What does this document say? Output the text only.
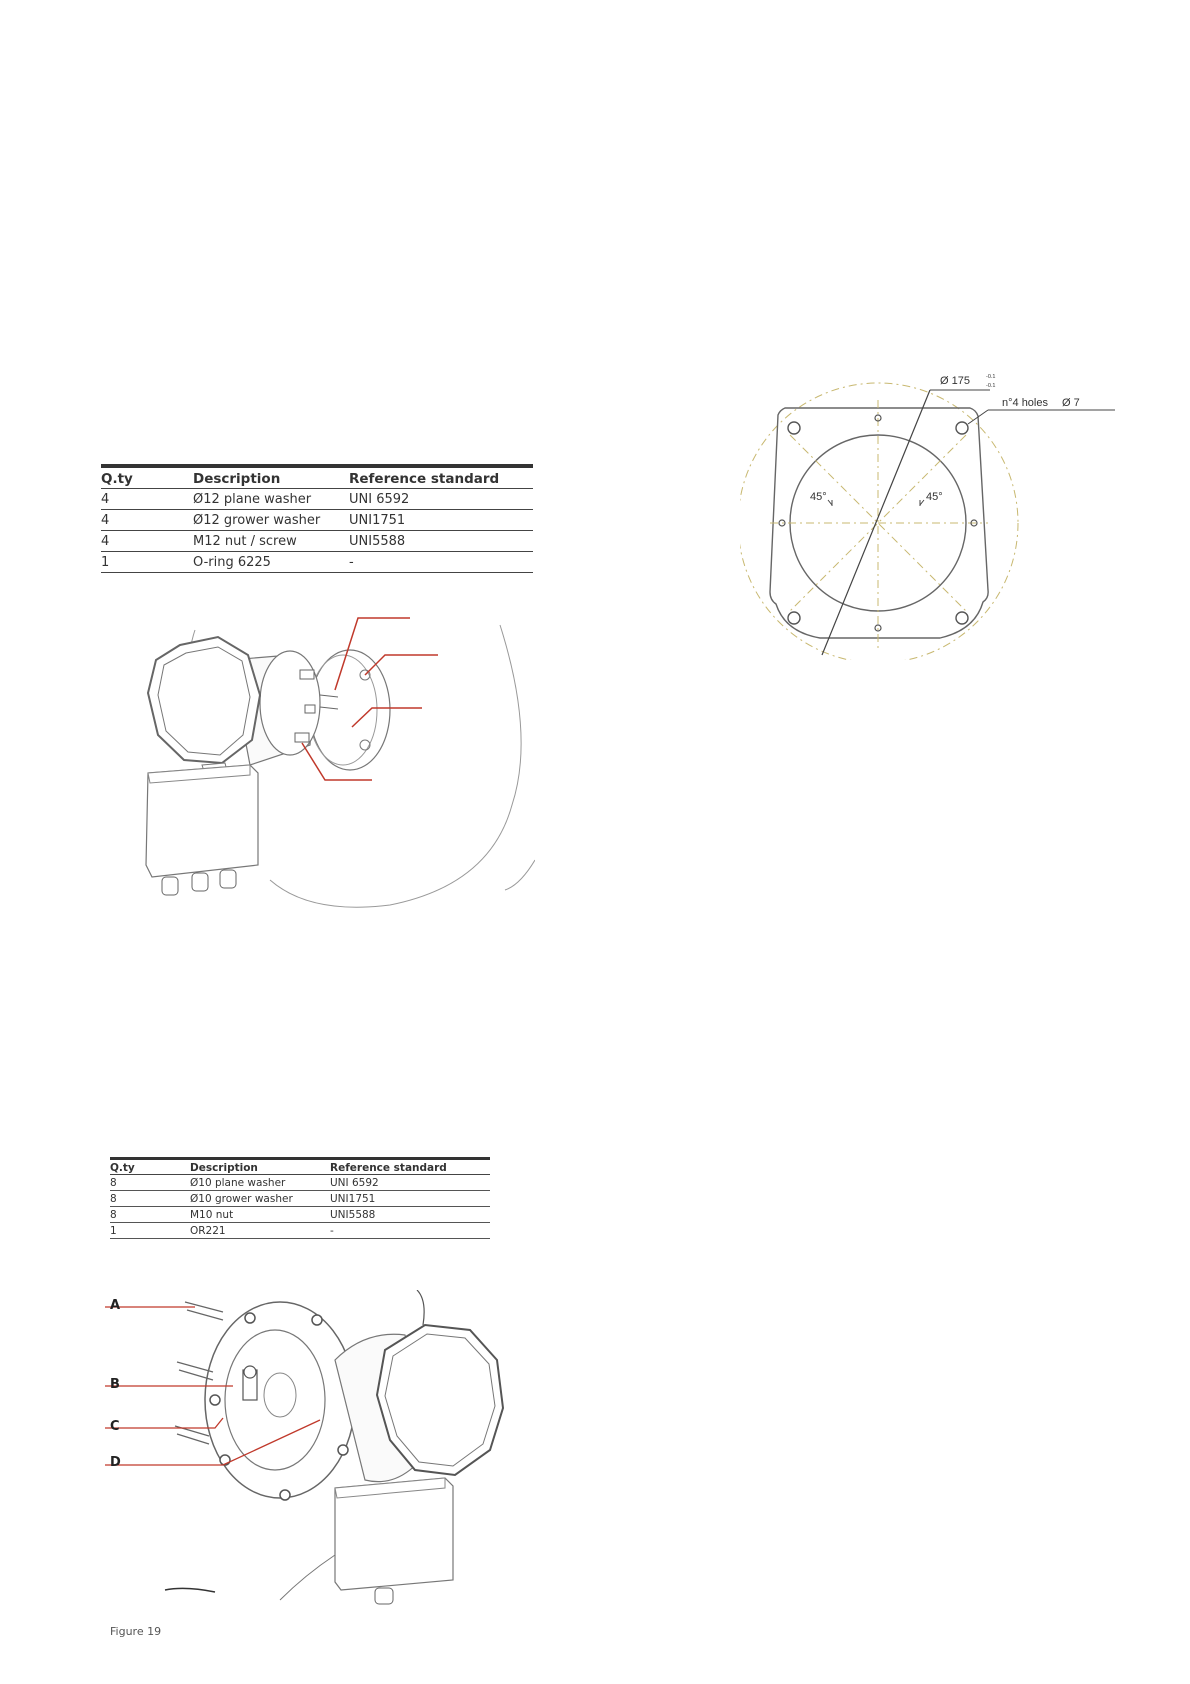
Q.ty	Description	Reference standard
4	Ø12 plane washer	UNI 6592
4	Ø12 grower washer	UNI1751
4	M12 nut / screw	UNI5588
1	O-ring 6225	-
Ø 175	-0.1
-0.1
n°4 holes Ø 7
45°	45°
Q.ty	Description	Reference standard
8	Ø10 plane washer	UNI 6592
8	Ø10 grower washer	UNI1751
8	M10 nut	UNI5588
1	OR221	-
A
B
C
D
Figure 19
